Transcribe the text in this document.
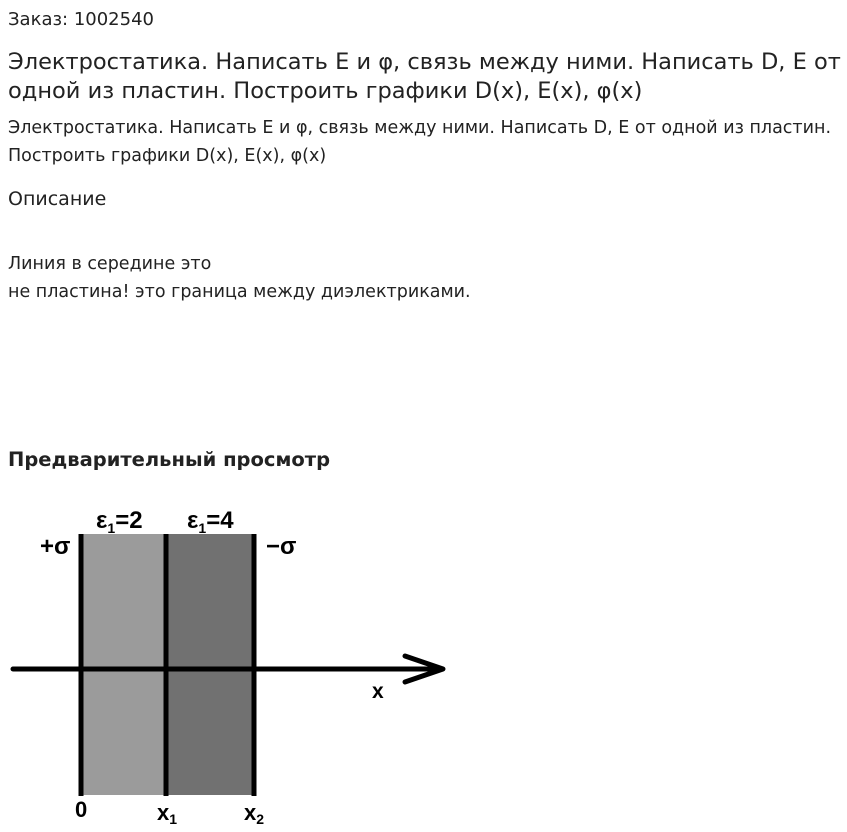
Заказ: 1002540
Электростатика. Написать Е и φ, связь между ними. Написать D, Е от одной из пластин. Построить графики D(x), E(x), φ(x)
Электростатика. Написать Е и φ, связь между ними. Написать D, Е от одной из пластин. Построить графики D(x), E(x), φ(x)
Описание
Линия в середине это
не пластина! это граница между диэлектриками.
Предварительный просмотр
$\varepsilon_1=2$ $\varepsilon_1=4$
+σ	−σ
x
0	x1	x2
